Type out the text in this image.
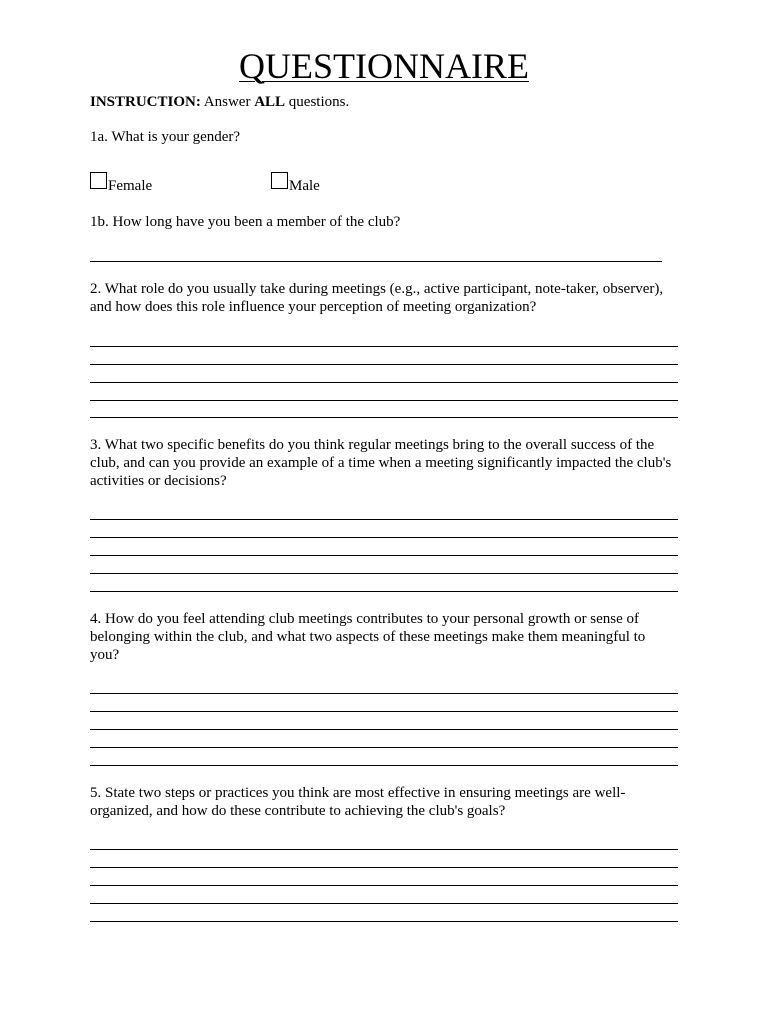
QUESTIONNAIRE
INSTRUCTION: Answer ALL questions.
1a. What is your gender?
Female	Male
1b. How long have you been a member of the club?
2. What role do you usually take during meetings (e.g., active participant, note-taker, observer),
and how does this role influence your perception of meeting organization?
3. What two specific benefits do you think regular meetings bring to the overall success of the
club, and can you provide an example of a time when a meeting significantly impacted the club's
activities or decisions?
4. How do you feel attending club meetings contributes to your personal growth or sense of
belonging within the club, and what two aspects of these meetings make them meaningful to
you?
5. State two steps or practices you think are most effective in ensuring meetings are well-
organized, and how do these contribute to achieving the club's goals?
